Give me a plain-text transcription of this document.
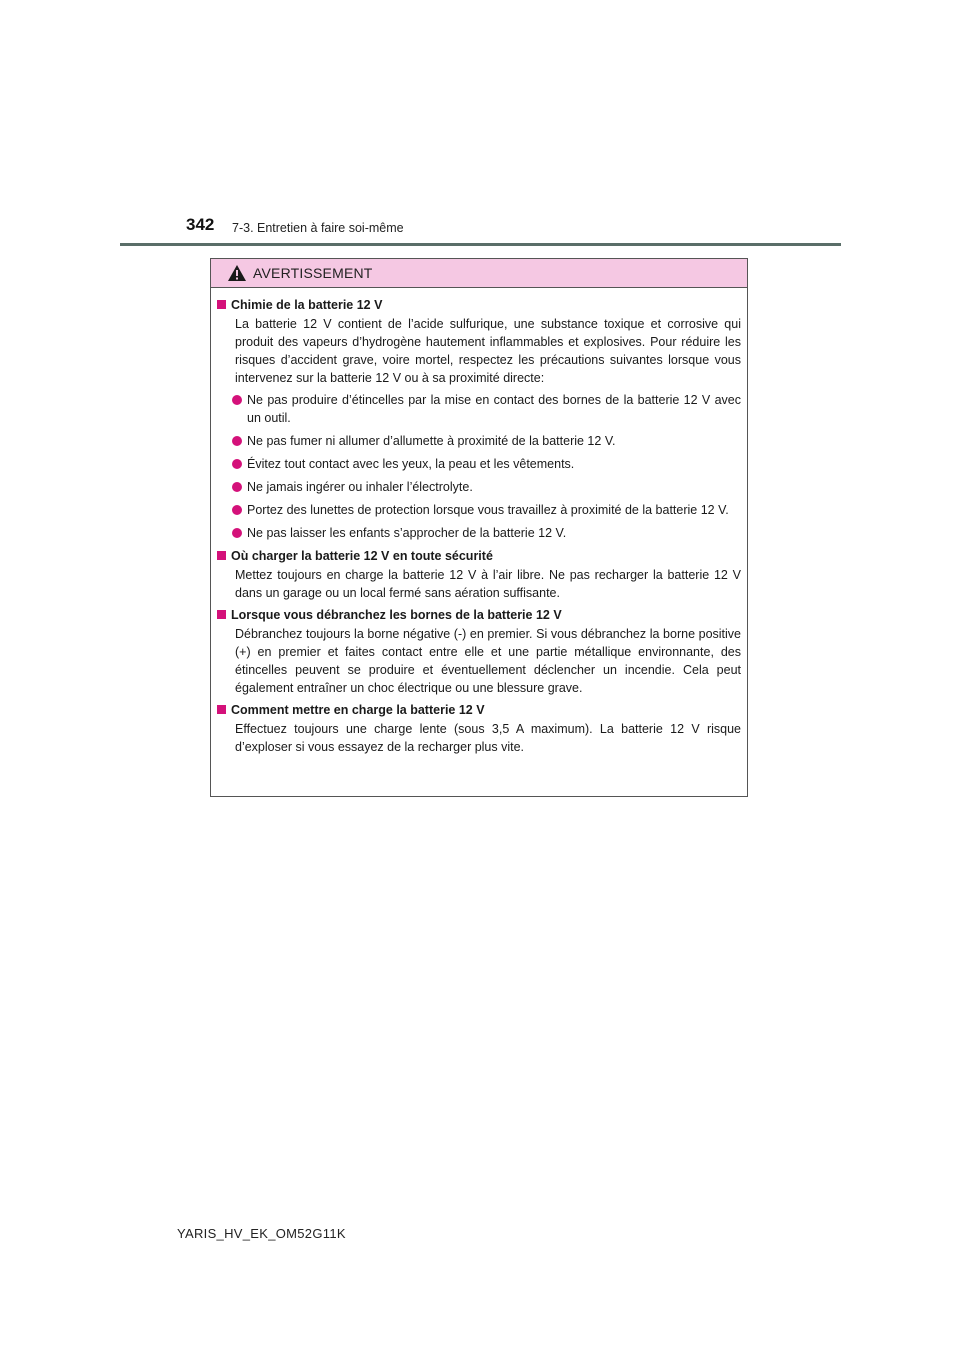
342 7-3. Entretien à faire soi-même
AVERTISSEMENT
Chimie de la batterie 12 V
La batterie 12 V contient de l’acide sulfurique, une substance toxique et corrosive qui produit des vapeurs d’hydrogène hautement inflammables et explosives. Pour réduire les risques d’accident grave, voire mortel, respectez les précautions suivantes lorsque vous intervenez sur la batterie 12 V ou à sa proximité directe:
Ne pas produire d’étincelles par la mise en contact des bornes de la batterie 12 V avec un outil.
Ne pas fumer ni allumer d’allumette à proximité de la batterie 12 V.
Évitez tout contact avec les yeux, la peau et les vêtements.
Ne jamais ingérer ou inhaler l’électrolyte.
Portez des lunettes de protection lorsque vous travaillez à proximité de la batterie 12 V.
Ne pas laisser les enfants s’approcher de la batterie 12 V.
Où charger la batterie 12 V en toute sécurité
Mettez toujours en charge la batterie 12 V à l’air libre. Ne pas recharger la batterie 12 V dans un garage ou un local fermé sans aération suffisante.
Lorsque vous débranchez les bornes de la batterie 12 V
Débranchez toujours la borne négative (-) en premier. Si vous débranchez la borne positive (+) en premier et faites contact entre elle et une partie métallique environnante, des étincelles peuvent se produire et éventuellement déclencher un incendie. Cela peut également entraîner un choc électrique ou une blessure grave.
Comment mettre en charge la batterie 12 V
Effectuez toujours une charge lente (sous 3,5 A maximum). La batterie 12 V risque d’exploser si vous essayez de la recharger plus vite.
YARIS_HV_EK_OM52G11K
